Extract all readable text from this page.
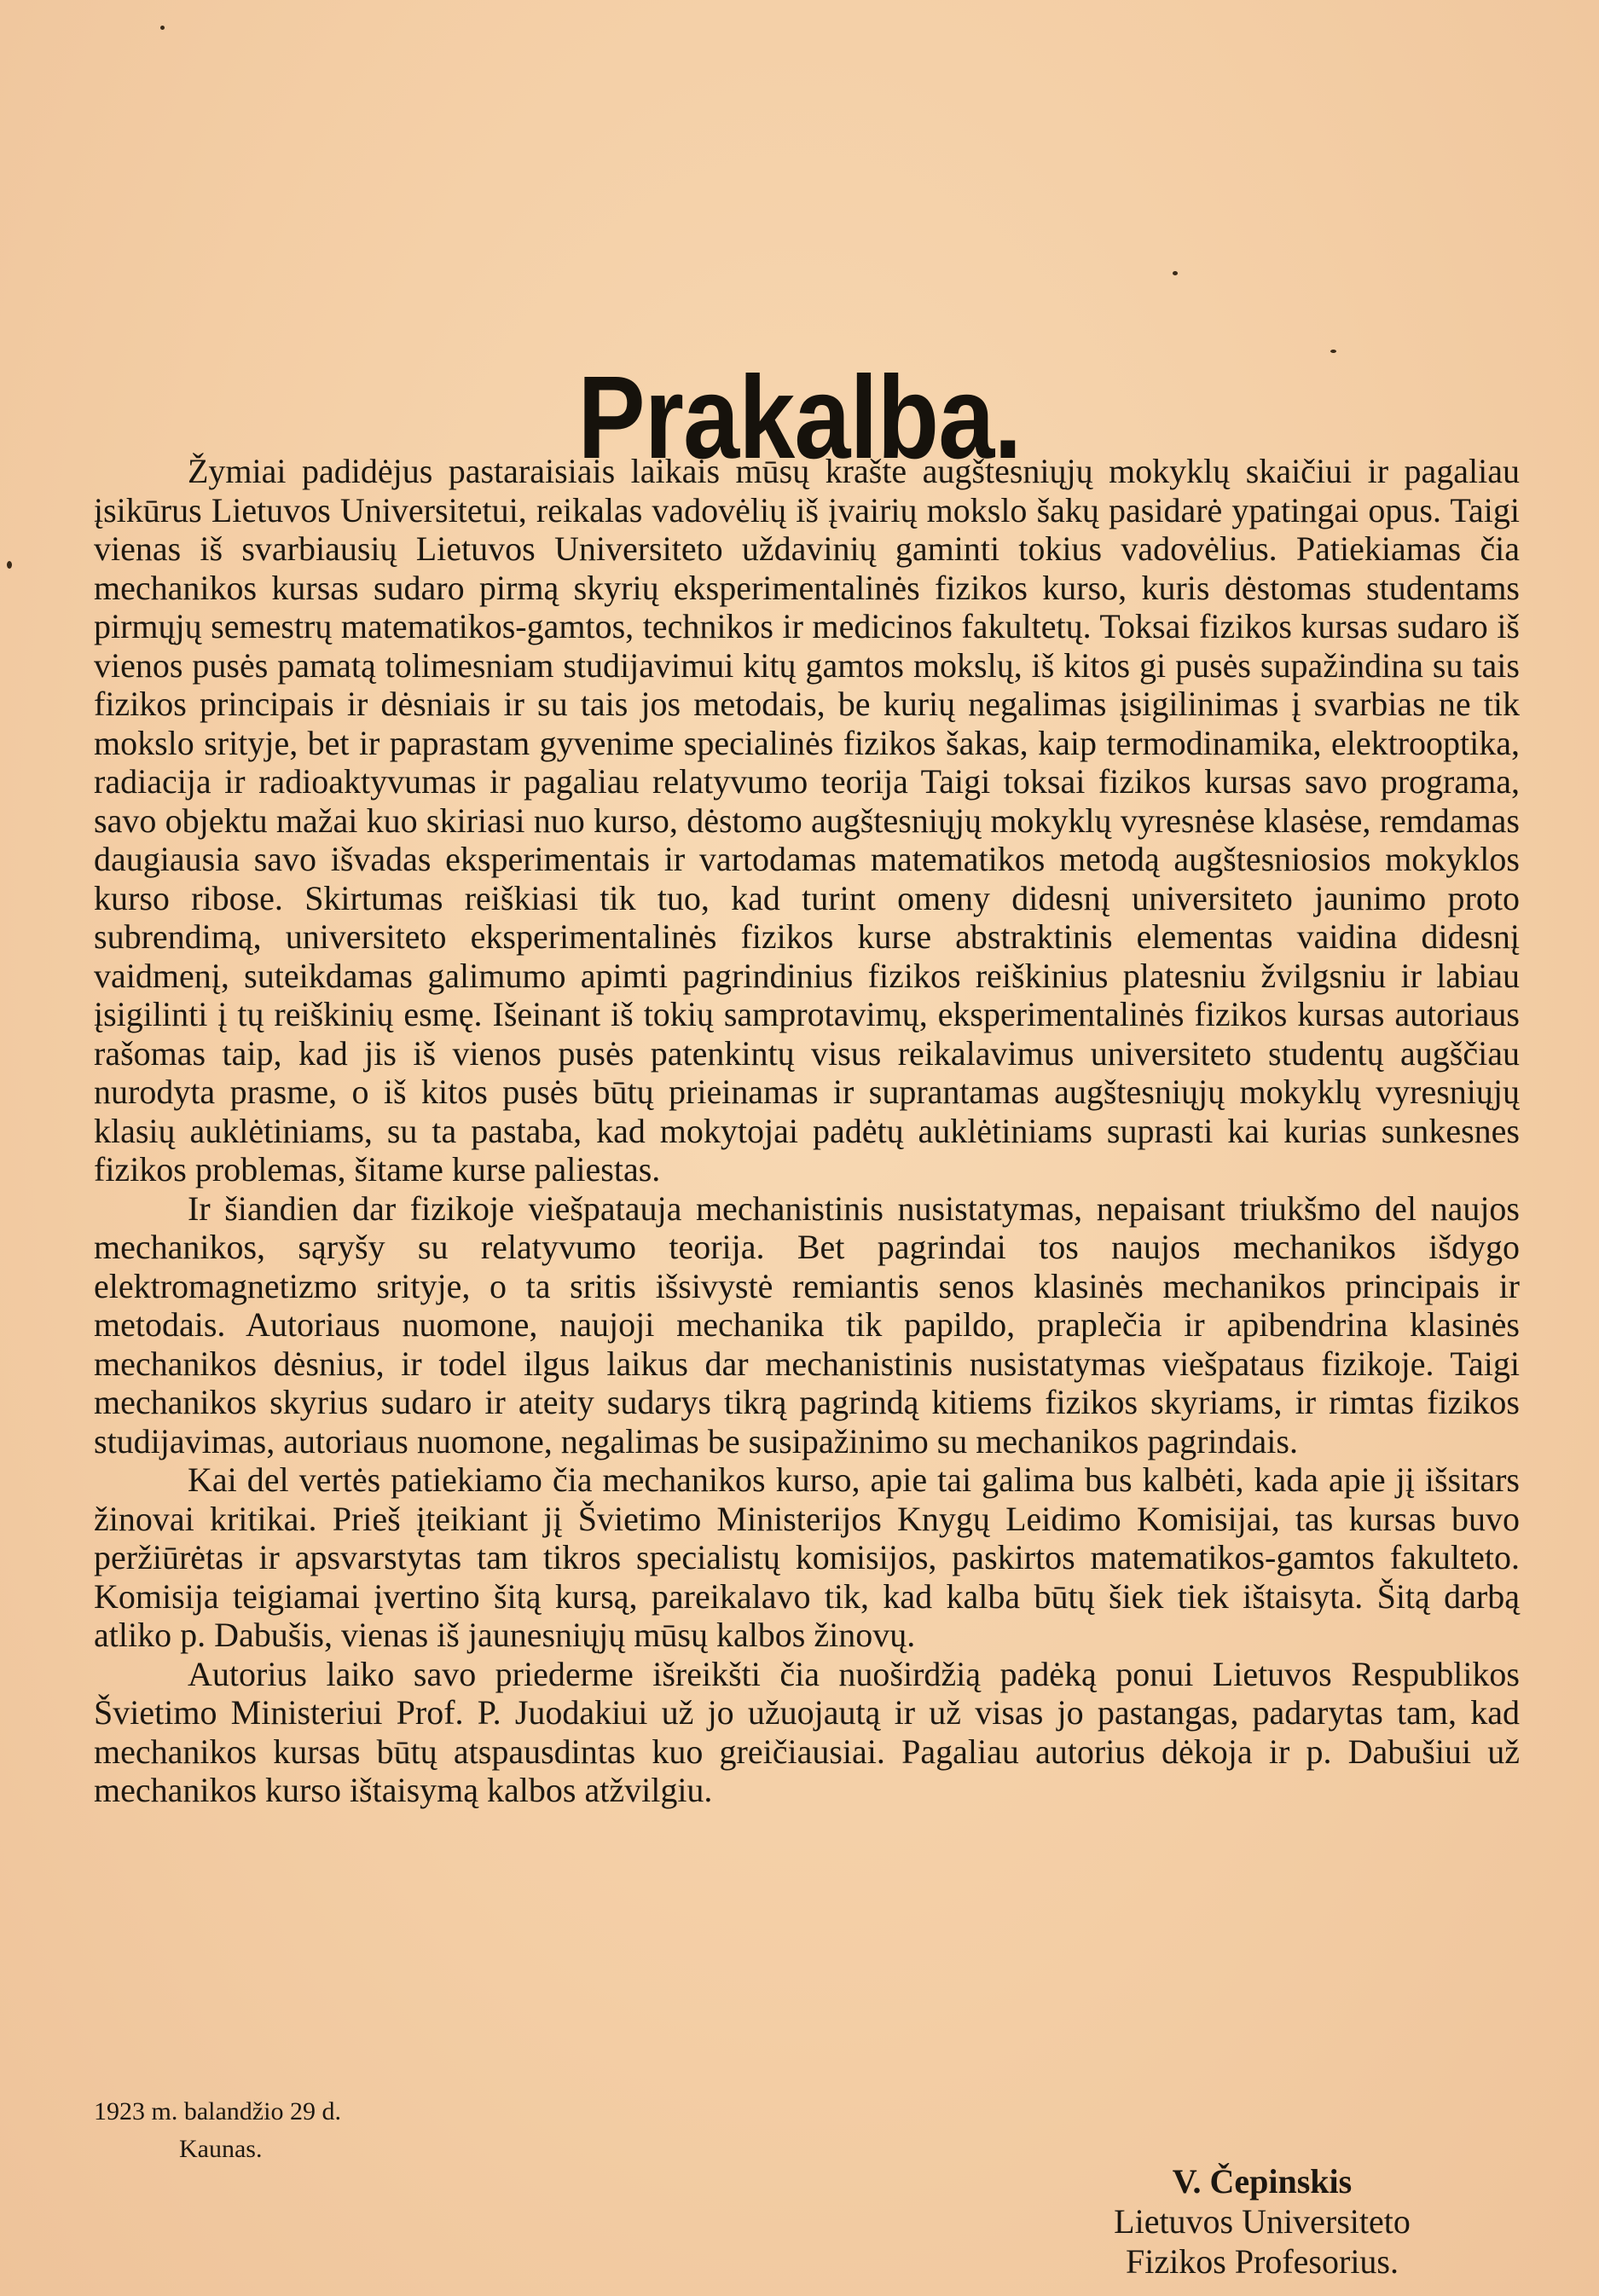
Prakalba.

Žymiai padidėjus pastaraisiais laikais mūsų krašte augštesniųjų mokyklų skaičiui ir pagaliau įsikūrus Lietuvos Universitetui, reikalas vadovėlių iš įvairių mokslo šakų pasidarė ypatingai opus. Taigi vienas iš svarbiausių Lietuvos Universiteto uždavinių gaminti tokius vadovėlius. Patiekiamas čia mechanikos kursas sudaro pirmą skyrių eksperimentalinės fizikos kurso, kuris dėstomas studentams pirmųjų semestrų matematikos-gamtos, technikos ir medicinos fakultetų. Toksai fizikos kursas sudaro iš vienos pusės pamatą tolimesniam studijavimui kitų gamtos mokslų, iš kitos gi pusės supažindina su tais fizikos principais ir dėsniais ir su tais jos metodais, be kurių negalimas įsigilinimas į svarbias ne tik mokslo srityje, bet ir paprastam gyvenime specialinės fizikos šakas, kaip termodinamika, elektrooptika, radiacija ir radioaktyvumas ir pagaliau relatyvumo teorija Taigi toksai fizikos kursas savo programa, savo objektu mažai kuo skiriasi nuo kurso, dėstomo augštesniųjų mokyklų vyresnėse klasėse, remdamas daugiausia savo išvadas eksperimentais ir vartodamas matematikos metodą augštesniosios mokyklos kurso ribose. Skirtumas reiškiasi tik tuo, kad turint omeny didesnį universiteto jaunimo proto subrendimą, universiteto eksperimentalinės fizikos kurse abstraktinis elementas vaidina didesnį vaidmenį, suteikdamas galimumo apimti pagrindinius fizikos reiškinius platesniu žvilgsniu ir labiau įsigilinti į tų reiškinių esmę. Išeinant iš tokių samprotavimų, eksperimentalinės fizikos kursas autoriaus rašomas taip, kad jis iš vienos pusės patenkintų visus reikalavimus universiteto studentų augščiau nurodyta prasme, o iš kitos pusės būtų prieinamas ir suprantamas augštesniųjų mokyklų vyresniųjų klasių auklėtiniams, su ta pastaba, kad mokytojai padėtų auklėtiniams suprasti kai kurias sunkesnes fizikos problemas, šitame kurse paliestas.

Ir šiandien dar fizikoje viešpatauja mechanistinis nusistatymas, nepaisant triukšmo del naujos mechanikos, sąryšy su relatyvumo teorija. Bet pagrindai tos naujos mechanikos išdygo elektromagnetizmo srityje, o ta sritis išsivystė remiantis senos klasinės mechanikos principais ir metodais. Autoriaus nuomone, naujoji mechanika tik papildo, praplečia ir apibendrina klasinės mechanikos dėsnius, ir todel ilgus laikus dar mechanistinis nusistatymas viešpataus fizikoje. Taigi mechanikos skyrius sudaro ir ateity sudarys tikrą pagrindą kitiems fizikos skyriams, ir rimtas fizikos studijavimas, autoriaus nuomone, negalimas be susipažinimo su mechanikos pagrindais.

Kai del vertės patiekiamo čia mechanikos kurso, apie tai galima bus kalbėti, kada apie jį išsitars žinovai kritikai. Prieš įteikiant jį Švietimo Ministerijos Knygų Leidimo Komisijai, tas kursas buvo peržiūrėtas ir apsvarstytas tam tikros specialistų komisijos, paskirtos matematikos-gamtos fakulteto. Komisija teigiamai įvertino šitą kursą, pareikalavo tik, kad kalba būtų šiek tiek ištaisyta. Šitą darbą atliko p. Dabušis, vienas iš jaunesniųjų mūsų kalbos žinovų.

Autorius laiko savo priederme išreikšti čia nuoširdžią padėką ponui Lietuvos Respublikos Švietimo Ministeriui Prof. P. Juodakiui už jo užuojautą ir už visas jo pastangas, padarytas tam, kad mechanikos kursas būtų atspausdintas kuo greičiausiai. Pagaliau autorius dėkoja ir p. Dabušiui už mechanikos kurso ištaisymą kalbos atžvilgiu.

1923 m. balandžio 29 d.
Kaunas.
V. Čepinskis
Lietuvos Universiteto
Fizikos Profesorius.
